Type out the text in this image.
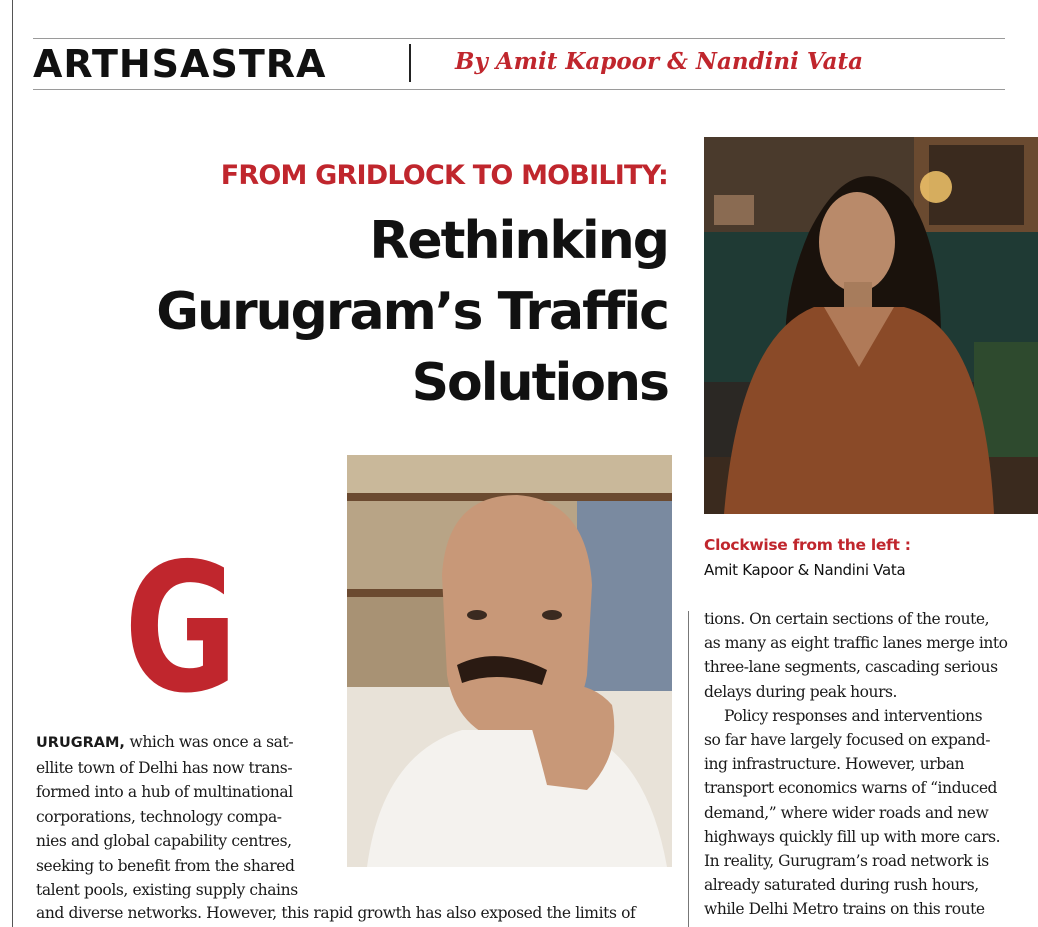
ARTHSASTRA	By Amit Kapoor & Nandini Vata
FROM GRIDLOCK TO MOBILITY:
Rethinking
Gurugram’s Traffic
Solutions
Clockwise from the left :
Amit Kapoor & Nandini Vata
G
URUGRAM, which was once a sat-
ellite town of Delhi has now trans-
formed into a hub of multinational
corporations, technology compa-
nies and global capability centres,
seeking to benefit from the shared
talent pools, existing supply chains
and diverse networks. However, this rapid growth has also exposed the limits of
tions. On certain sections of the route,
as many as eight traffic lanes merge into
three-lane segments, cascading serious
delays during peak hours.
Policy responses and interventions
so far have largely focused on expand-
ing infrastructure. However, urban
transport economics warns of “induced
demand,” where wider roads and new
highways quickly fill up with more cars.
In reality, Gurugram’s road network is
already saturated during rush hours,
while Delhi Metro trains on this route
